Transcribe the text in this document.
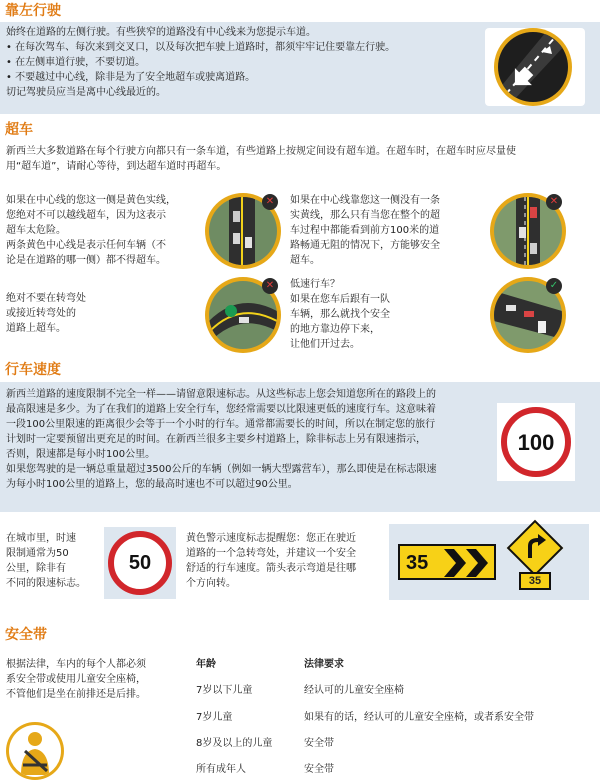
靠左行驶

始终在道路的左侧行驶。有些狭窄的道路没有中心线来为您提示车道。

• 在每次驾车、每次来到交叉口，以及每次把车驶上道路时，都须牢牢记住要靠左行驶。

• 在左侧車道行驶，不要切道。

• 不要越过中心线，除非是为了安全地超车或驶离道路。

切记驾驶员应当是离中心线最近的。

超车

新西兰大多数道路在每个行驶方向都只有一条车道，有些道路上按规定间设有超车道。在超车时，在超车时应尽量使

用“超车道”，请耐心等待，到达超车道时再超车。

如果在中心线的您这一侧是黄色实线，

您绝对不可以越线超车，因为这表示

超车太危险。

两条黄色中心线是表示任何车辆（不

论是在道路的哪一侧）都不得超车。

✕	如果在中心线靠您这一侧没有一条

实黄线，那么只有当您在整个的超

车过程中都能看到前方100米的道

路畅通无阻的情况下，方能够安全

超车。

✕

绝对不要在转弯处

或接近转弯处的

道路上超车。

✕	低速行车？

如果在您车后跟有一队

车辆，那么就找个安全

的地方靠边停下来，

让他们开过去。

✓
行车速度

新西兰道路的速度限制不完全一样——请留意限速标志。从这些标志上您会知道您所在的路段上的

最高限速是多少。为了在我们的道路上安全行车，您经常需要以比限速更低的速度行车。这意味着

一段100公里限速的距离很少会等于一个小时的行车。通常都需要长的时间，所以在制定您的旅行

计划时一定要预留出更充足的时间。在新西兰很多主要乡村道路上，除非标志上另有限速指示，

否则，限速都是每小时100公里。

如果您驾驶的是一辆总重量超过3500公斤的车辆（例如一辆大型露营车），那么即使是在标志限速

为每小时100公里的道路上，您的最高时速也不可以超过90公里。

100

在城市里，时速

限制通常为50

公里，除非有

不同的限速标志。

50

黄色警示速度标志提醒您：您正在驶近

道路的一个急转弯处，并建议一个安全

舒适的行车速度。箭头表示弯道是往哪

个方向转。

35
35
安全带

根据法律，车内的每个人都必须

系安全带或使用儿童安全座椅，

不管他们是坐在前排还是后排。

年龄	法律要求
7岁以下儿童	经认可的儿童安全座椅
7岁儿童	如果有的话，经认可的儿童安全座椅，或者系安全带
8岁及以上的儿童	安全带
所有成年人	安全带
